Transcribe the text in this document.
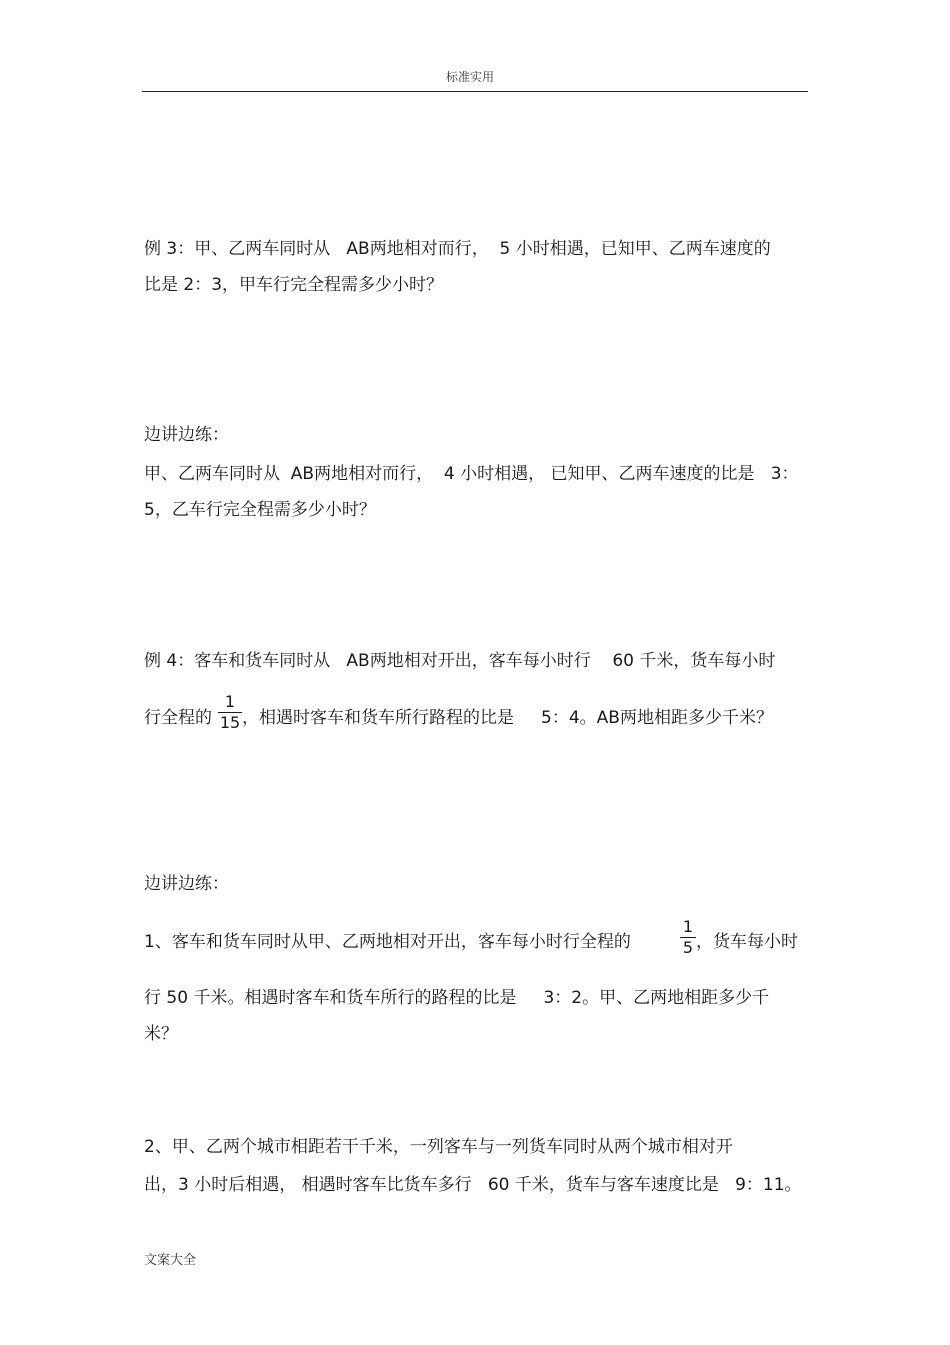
标准实用
例 3：甲、乙两车同时从   AB两地相对而行，  5 小时相遇，已知甲、乙两车速度的
比是 2：3，甲车行完全程需多少小时？
边讲边练：
甲、乙两车同时从  AB两地相对而行，  4 小时相遇， 已知甲、乙两车速度的比是   3：
5，乙车行完全程需多少小时？
例 4：客车和货车同时从   AB两地相对开出，客车每小时行    60 千米，货车每小时
行全程的
1
15 ，相遇时客车和货车所行路程的比是     5：4。AB两地相距多少千米？
边讲边练：
1、客车和货车同时从甲、乙两地相对开出，客车每小时行全程的
1
5 ，货车每小时
行 50 千米。相遇时客车和货车所行的路程的比是     3：2。甲、乙两地相距多少千
米？
2、甲、乙两个城市相距若干千米，一列客车与一列货车同时从两个城市相对开
出，3 小时后相遇， 相遇时客车比货车多行   60 千米，货车与客车速度比是   9：11。
文案大全
